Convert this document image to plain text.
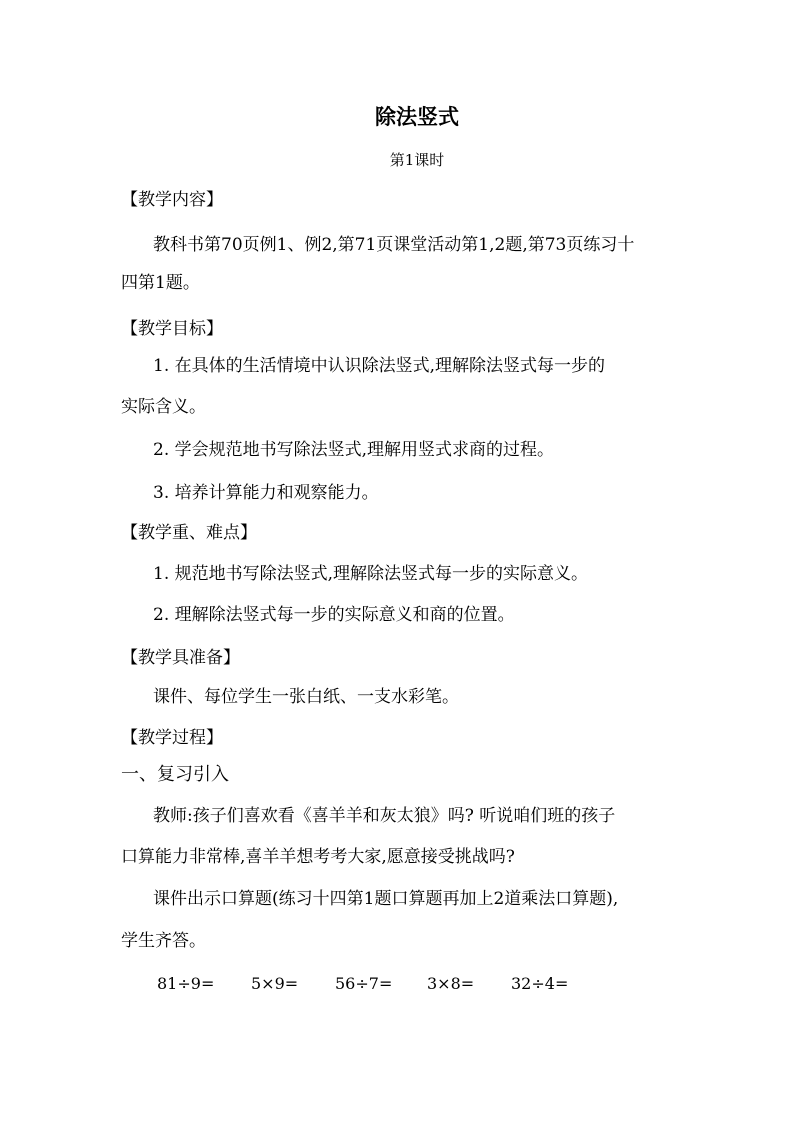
除法竖式
第1课时
【教学内容】
教科书第70页例1、例2,第71页课堂活动第1,2题,第73页练习十
四第1题。
【教学目标】
1. 在具体的生活情境中认识除法竖式,理解除法竖式每一步的
实际含义。
2. 学会规范地书写除法竖式,理解用竖式求商的过程。
3. 培养计算能力和观察能力。
【教学重、难点】
1. 规范地书写除法竖式,理解除法竖式每一步的实际意义。
2. 理解除法竖式每一步的实际意义和商的位置。
【教学具准备】
课件、每位学生一张白纸、一支水彩笔。
【教学过程】
一、复习引入
教师:孩子们喜欢看《喜羊羊和灰太狼》吗? 听说咱们班的孩子
口算能力非常棒,喜羊羊想考考大家,愿意接受挑战吗?
课件出示口算题(练习十四第1题口算题再加上2道乘法口算题),
学生齐答。
81÷9= 5×9= 56÷7= 3×8= 32÷4=
